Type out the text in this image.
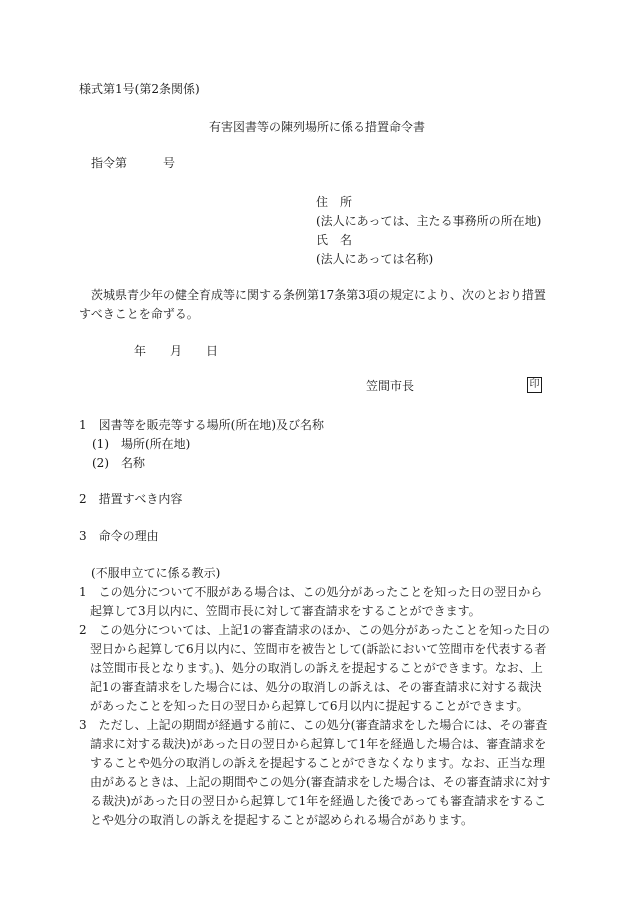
様式第1号(第2条関係)
有害図書等の陳列場所に係る措置命令書
指令第　　　号
住　所
(法人にあっては、主たる事務所の所在地)
氏　名
(法人にあっては名称)

茨城県青少年の健全育成等に関する条例第17条第3項の規定により、次のとおり措置すべきことを命ずる。

年　　月　　日
笠間市長	印
1　図書等を販売等する場所(所在地)及び名称
(1)　場所(所在地)
(2)　名称
2　措置すべき内容
3　命令の理由
(不服申立てに係る教示)

1　この処分について不服がある場合は、この処分があったことを知った日の翌日から起算して3月以内に、笠間市長に対して審査請求をすることができます。

2　この処分については、上記1の審査請求のほか、この処分があったことを知った日の翌日から起算して6月以内に、笠間市を被告として(訴訟において笠間市を代表する者は笠間市長となります。)、処分の取消しの訴えを提起することができます。なお、上記1の審査請求をした場合には、処分の取消しの訴えは、その審査請求に対する裁決があったことを知った日の翌日から起算して6月以内に提起することができます。

3　ただし、上記の期間が経過する前に、この処分(審査請求をした場合には、その審査請求に対する裁決)があった日の翌日から起算して1年を経過した場合は、審査請求をすることや処分の取消しの訴えを提起することができなくなります。なお、正当な理由があるときは、上記の期間やこの処分(審査請求をした場合は、その審査請求に対する裁決)があった日の翌日から起算して1年を経過した後であっても審査請求をすることや処分の取消しの訴えを提起することが認められる場合があります。
